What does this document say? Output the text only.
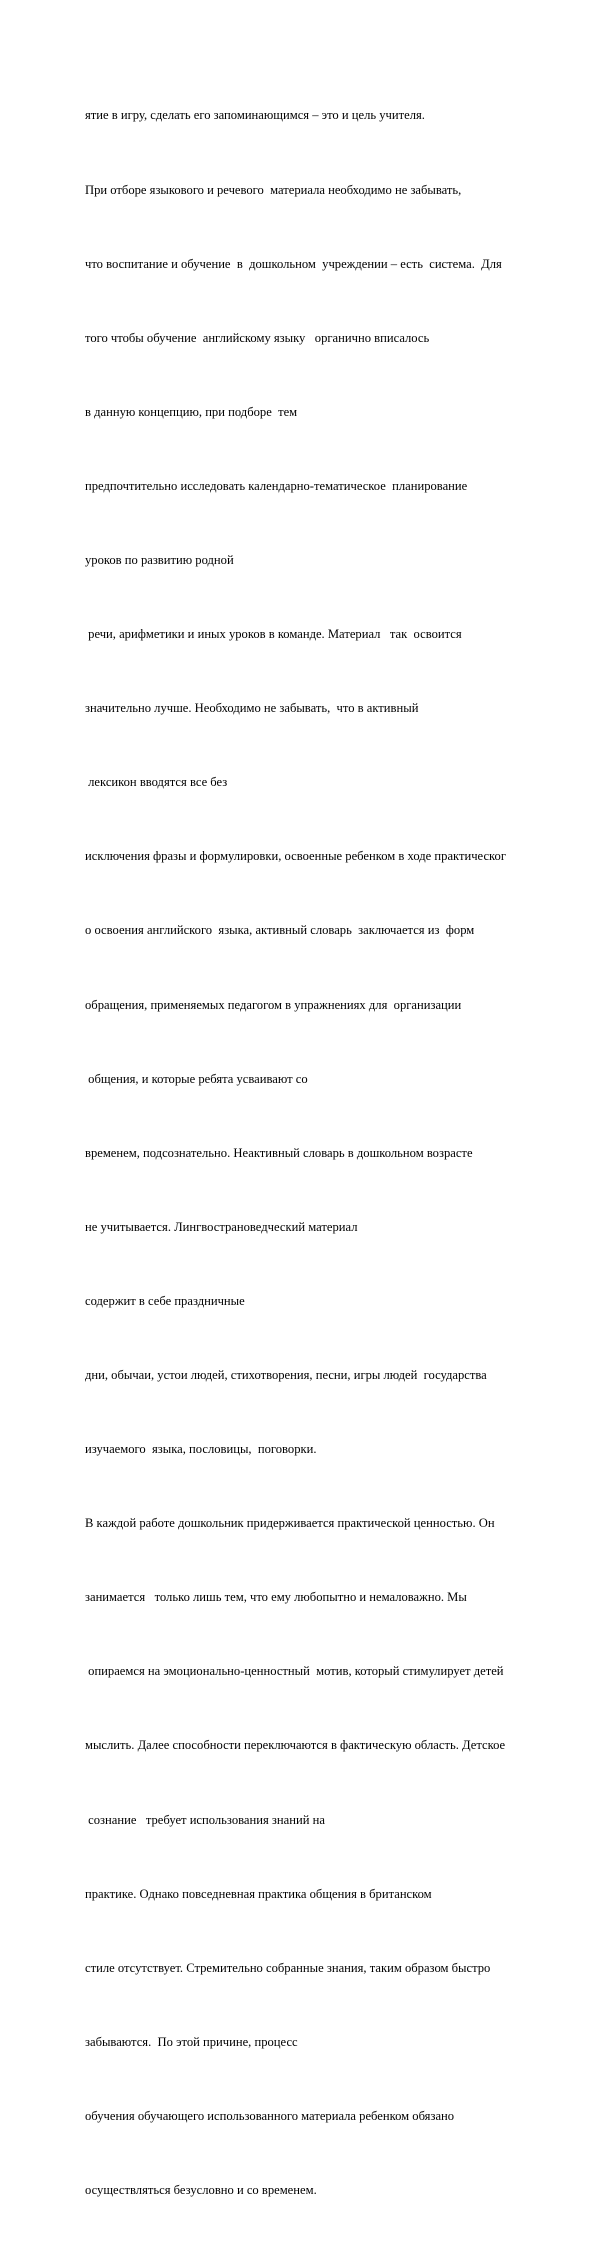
ятие в игру, сделать его запоминающимся – это и цель учителя.

При отборе языкового и речевого  материала необходимо не забывать,

что воспитание и обучение  в  дошкольном  учреждении – есть  система.  Для

того чтобы обучение  английскому языку   органично вписалось

в данную концепцию, при подборе  тем

предпочтительно исследовать календарно-тематическое  планирование

уроков по развитию родной

речи, арифметики и иных уроков в команде. Материал   так  освоится

значительно лучше. Необходимо не забывать,  что в активный

лексикон вводятся все без

исключения фразы и формулировки, освоенные ребенком в ходе практическог

о освоения английского  языка, активный словарь  заключается из  форм

обращения, применяемых педагогом в упражнениях для  организации

общения, и которые ребята усваивают со

временем, подсознательно. Неактивный словарь в дошкольном возрасте

не учитывается. Лингвострановедческий материал

содержит в себе праздничные

дни, обычаи, устои людей, стихотворения, песни, игры людей  государства

изучаемого  языка, пословицы,  поговорки.

В каждой работе дошкольник придерживается практической ценностью. Он

занимается   только лишь тем, что ему любопытно и немаловажно. Мы

опираемся на эмоционально-ценностный  мотив, который стимулирует детей

мыслить. Далее способности переключаются в фактическую область. Детское

сознание   требует использования знаний на

практике. Однако повседневная практика общения в британском

стиле отсутствует. Стремительно собранные знания, таким образом быстро

забываются.  По этой причине, процесс

обучения обучающего использованного материала ребенком обязано

осуществляться безусловно и со временем.
